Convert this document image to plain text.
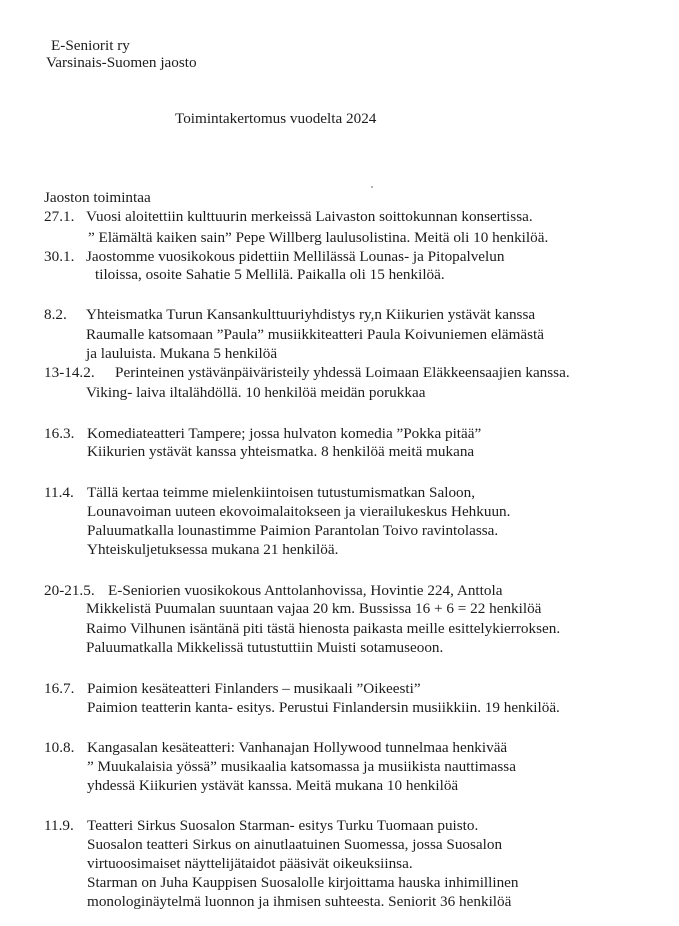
E-Seniorit ry
Varsinais-Suomen jaosto
Toimintakertomus vuodelta 2024
Jaoston toimintaa
27.1. Vuosi aloitettiin kulttuurin merkeissä Laivaston soittokunnan konsertissa.
” Elämältä kaiken sain” Pepe Willberg laulusolistina. Meitä oli 10 henkilöä.
30.1. Jaostomme vuosikokous pidettiin Mellilässä Lounas- ja Pitopalvelun
tiloissa, osoite Sahatie 5 Mellilä. Paikalla oli 15 henkilöä.
8.2. Yhteismatka Turun Kansankulttuuriyhdistys ry,n Kiikurien ystävät kanssa
Raumalle katsomaan ”Paula” musiikkiteatteri Paula Koivuniemen elämästä
ja lauluista. Mukana 5 henkilöä
13-14.2. Perinteinen ystävänpäiväristeily yhdessä Loimaan Eläkkeensaajien kanssa.
Viking- laiva iltalähdöllä. 10 henkilöä meidän porukkaa
16.3. Komediateatteri Tampere; jossa hulvaton komedia ”Pokka pitää”
Kiikurien ystävät kanssa yhteismatka. 8 henkilöä meitä mukana
11.4. Tällä kertaa teimme mielenkiintoisen tutustumismatkan Saloon,
Lounavoiman uuteen ekovoimalaitokseen ja vierailukeskus Hehkuun.
Paluumatkalla lounastimme Paimion Parantolan Toivo ravintolassa.
Yhteiskuljetuksessa mukana 21 henkilöä.
20-21.5. E-Seniorien vuosikokous Anttolanhovissa, Hovintie 224, Anttola
Mikkelistä Puumalan suuntaan vajaa 20 km. Bussissa 16 + 6 = 22 henkilöä
Raimo Vilhunen isäntänä piti tästä hienosta paikasta meille esittelykierroksen.
Paluumatkalla Mikkelissä tutustuttiin Muisti sotamuseoon.
16.7. Paimion kesäteatteri Finlanders – musikaali ”Oikeesti”
Paimion teatterin kanta- esitys. Perustui Finlandersin musiikkiin. 19 henkilöä.
10.8. Kangasalan kesäteatteri: Vanhanajan Hollywood tunnelmaa henkivää
” Muukalaisia yössä” musikaalia katsomassa ja musiikista nauttimassa
yhdessä Kiikurien ystävät kanssa. Meitä mukana 10 henkilöä
11.9. Teatteri Sirkus Suosalon Starman- esitys Turku Tuomaan puisto.
Suosalon teatteri Sirkus on ainutlaatuinen Suomessa, jossa Suosalon
virtuoosimaiset näyttelijätaidot pääsivät oikeuksiinsa.
Starman on Juha Kauppisen Suosalolle kirjoittama hauska inhimillinen
monologinäytelmä luonnon ja ihmisen suhteesta. Seniorit 36 henkilöä
